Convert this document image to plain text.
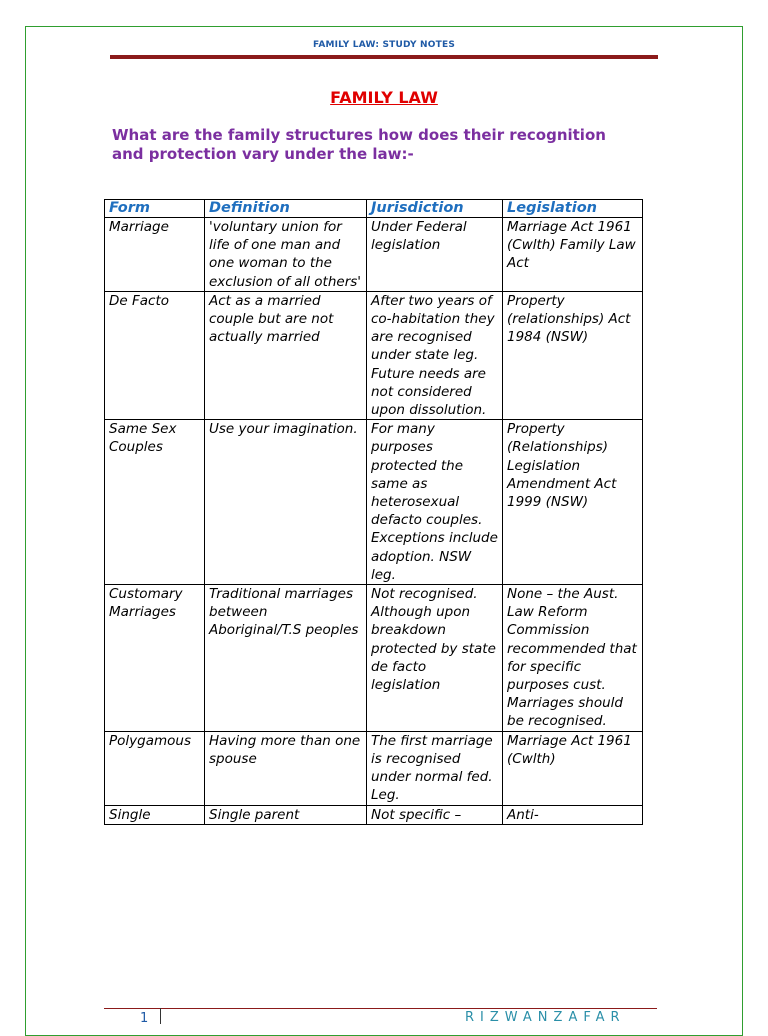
FAMILY LAW: STUDY NOTES
FAMILY LAW
What are the family structures how does their recognition and protection vary under the law:-
Form	Definition	Jurisdiction	Legislation
Marriage	'voluntary union for life of one man and one woman to the exclusion of all others'	Under Federal legislation	Marriage Act 1961 (Cwlth) Family Law Act
De Facto	Act as a married couple but are not actually married	After two years of co-habitation they are recognised under state leg. Future needs are not considered upon dissolution.	Property (relationships) Act 1984 (NSW)
Same Sex Couples	Use your imagination.	For many purposes protected the same as heterosexual defacto couples. Exceptions include adoption. NSW leg.	Property (Relationships) Legislation Amendment Act 1999 (NSW)
Customary Marriages	Traditional marriages between Aboriginal/T.S peoples	Not recognised. Although upon breakdown protected by state de facto legislation	None – the Aust. Law Reform Commission recommended that for specific purposes cust. Marriages should be recognised.
Polygamous	Having more than one spouse	The first marriage is recognised under normal fed. Leg.	Marriage Act 1961 (Cwlth)
Single	Single parent	Not specific –	Anti-
1	RIZWANZAFAR
